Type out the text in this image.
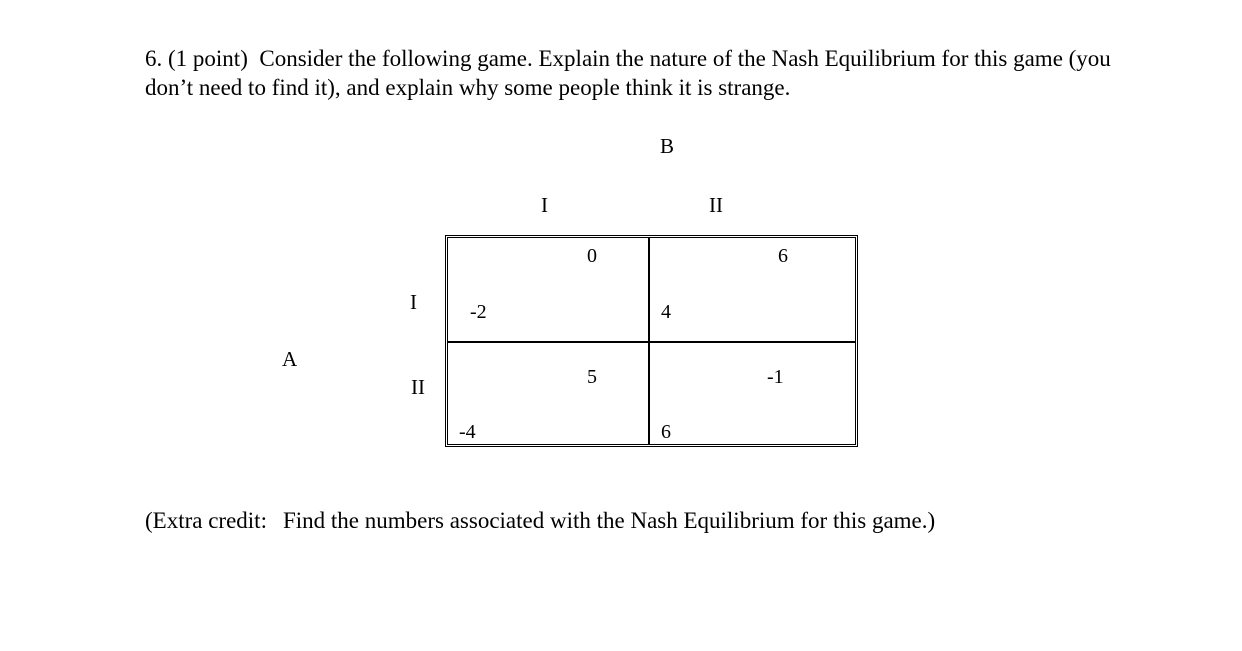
6. (1 point) Consider the following game. Explain the nature of the Nash Equilibrium for this game (you don’t need to find it), and explain why some people think it is strange.

B
I	II
A
I
II
0
-2
6
4
5
-4
-1
6

(Extra credit: Find the numbers associated with the Nash Equilibrium for this game.)
